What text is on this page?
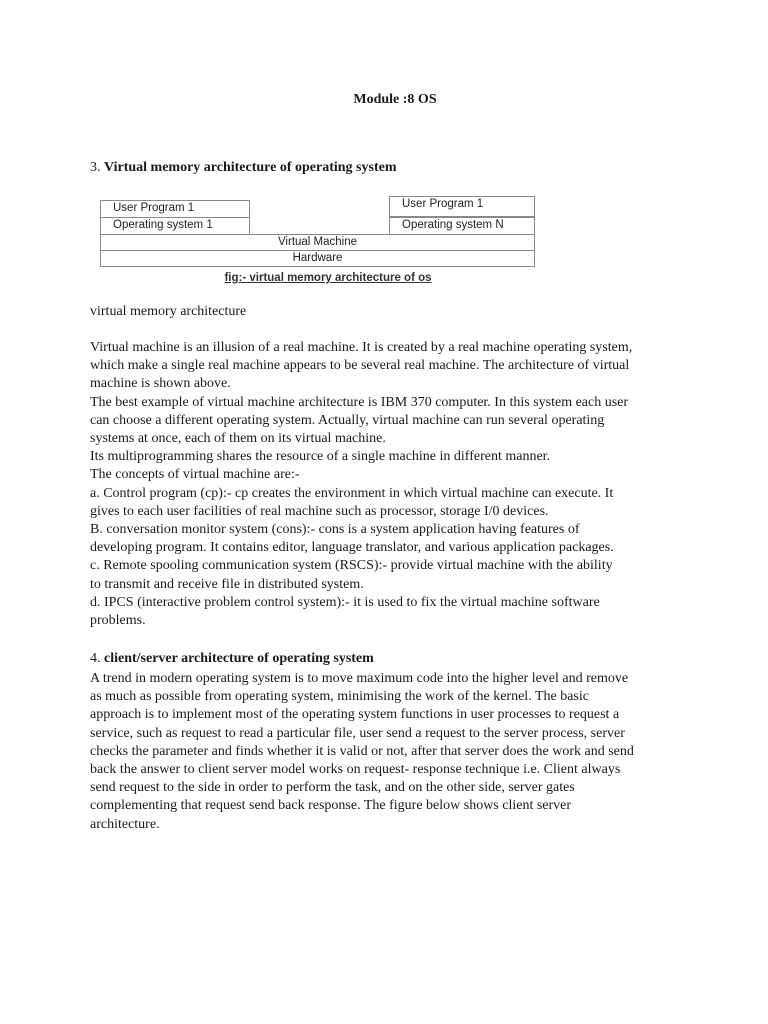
Module :8 OS
3. Virtual memory architecture of operating system
User Program 1
Operating system 1
User Program 1
Operating system N
Virtual Machine
Hardware
fig:- virtual memory architecture of os
virtual memory architecture
Virtual machine is an illusion of a real machine. It is created by a real machine operating system,
which make a single real machine appears to be several real machine. The architecture of virtual
machine is shown above.
The best example of virtual machine architecture is IBM 370 computer. In this system each user
can choose a different operating system. Actually, virtual machine can run several operating
systems at once, each of them on its virtual machine.
Its multiprogramming shares the resource of a single machine in different manner.
The concepts of virtual machine are:-
a. Control program (cp):- cp creates the environment in which virtual machine can execute. It
gives to each user facilities of real machine such as processor, storage I/0 devices.
B. conversation monitor system (cons):- cons is a system application having features of
developing program. It contains editor, language translator, and various application packages.
c. Remote spooling communication system (RSCS):- provide virtual machine with the ability
to transmit and receive file in distributed system.
d. IPCS (interactive problem control system):- it is used to fix the virtual machine software
problems.
4. client/server architecture of operating system
A trend in modern operating system is to move maximum code into the higher level and remove
as much as possible from operating system, minimising the work of the kernel. The basic
approach is to implement most of the operating system functions in user processes to request a
service, such as request to read a particular file, user send a request to the server process, server
checks the parameter and finds whether it is valid or not, after that server does the work and send
back the answer to client server model works on request- response technique i.e. Client always
send request to the side in order to perform the task, and on the other side, server gates
complementing that request send back response. The figure below shows client server
architecture.
